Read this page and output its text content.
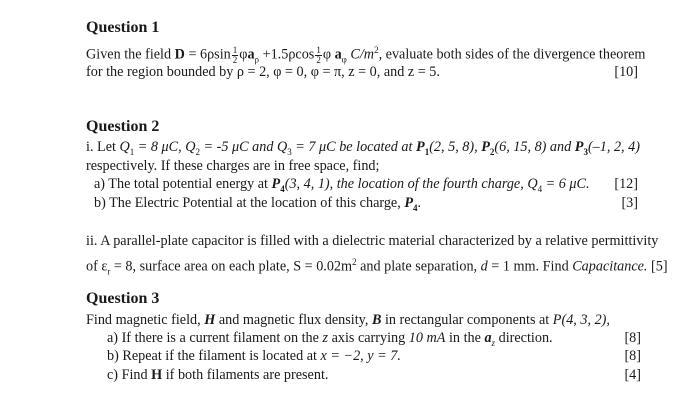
Question 1
Given the field $D = 6\rho\sin \frac{1}{2} \varphi a_\rho +1.5\rho\cos \frac{1}{2}$ φ $a_\varphi$ $C/m^2$, evaluate both sides of the divergence theorem
for the region bounded by ρ = 2, φ = 0, φ = π, z = 0, and z = 5.	[10]
Question 2
i. Let $Q_1 = 8$ μC, $Q_2 = -5$ μC and $Q_3 = 7$ μC be located at $P_1(2$, 5, 8), $P_2(6$, 15, 8) and $P_3(-1$, 2, 4)
respectively. If these charges are in free space, find;
a) The total potential energy at $P_4(3$, 4, 1), the location of the fourth charge, $Q_4 = 6$ μC. [12]
b) The Electric Potential at the location of this charge, $P_4$.	[3]
ii. A parallel-plate capacitor is filled with a dielectric material characterized by a relative permittivity
of $\varepsilon_r = 8$, surface area on each plate, $S = 0.02m^2$ and plate separation, d = 1 mm. Find Capacitance. [5]
Question 3
Find magnetic field, H and magnetic flux density, B in rectangular components at P(4, 3, 2),
a) If there is a current filament on the z axis carrying 10 mA in the $a_z$ direction.	[8]
b) Repeat if the filament is located at x = −2, y = 7.	[8]
c) Find H if both filaments are present.	[4]
